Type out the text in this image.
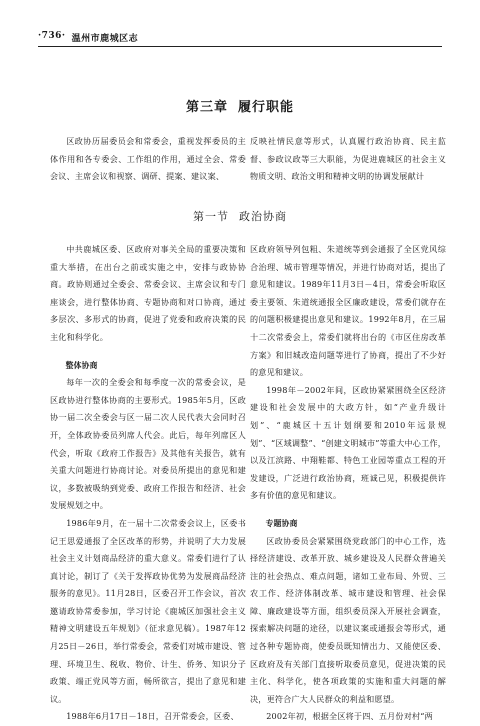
·736· 温州市鹿城区志
第三章 履行职能

区政协历届委员会和常委会，重视发挥委员的主体作用和各专委会、工作组的作用，通过全会、常委会议、主席会议和视察、调研、提案、建议案、

反映社情民意等形式，认真履行政治协商、民主监督、参政议政等三大职能，为促进鹿城区的社会主义物质文明、政治文明和精神文明的协调发展献计

第一节 政治协商

中共鹿城区委、区政府对事关全局的重要决策和重大举措，在出台之前或实施之中，安排与政协协商。政协则通过全委会、常委会议、主席会议和专门座谈会，进行整体协商、专题协商和对口协商，通过多层次、多形式的协商，促进了党委和政府决策的民主化和科学化。

整体协商

每年一次的全委会和每季度一次的常委会议，是区政协进行整体协商的主要形式。1985年5月，区政协一届二次全委会与区一届二次人民代表大会同时召开，全体政协委员列席人代会。此后，每年列席区人代会，听取《政府工作报告》及其他有关报告，就有关重大问题进行协商讨论。对委员所提出的意见和建议，多数被吸纳到党委、政府工作报告和经济、社会发展规划之中。

1986年9月，在一届十二次常委会议上，区委书记王思爱通报了全区改革的形势，并说明了大力发展社会主义计划商品经济的重大意义。常委们进行了认真讨论，制订了《关于发挥政协优势为发展商品经济服务的意见》。11月28日，区委召开工作会议，首次邀请政协常委参加，学习讨论《鹿城区加强社会主义精神文明建设五年规划》（征求意见稿）。1987年12月25日－26日，举行常委会，常委们对城市建设、管理、环境卫生、税收、物价、计生、侨务、知识分子政策、端正党风等方面，畅所欲言，提出了意见和建议。

1988年6月17日－18日，召开常委会，区委、

区政府领导列包粗、朱道统等到会通报了全区党风综合治理、城市管理等情况，并进行协商对话，提出了意见和建议。1989年11月3日－4日，常委会听取区委主要领、朱道统通报全区廉政建设，常委们就存在的问题积极建提出意见和建议。1992年8月，在三届十二次常委会上，常委们就将出台的《市区住房改革方案》和旧城改造问题等进行了协商，提出了不少好的意见和建议。

1998年－2002年间，区政协紧紧围绕全区经济建设和社会发展中的大政方针，如“产业升级计划”、“鹿城区十五计划纲要和2010年远景规划”、“区域调整”、“创建文明城市”等重大中心工作，以及江滨路、中翔鞋都、特色工业园等重点工程的开发建设，广泛进行政治协商，班诚己见，积极提供许多有价值的意见和建议。

专题协商

区政协委员会紧紧围绕党政部门的中心工作，选择经济建设、改革开放、城乡建设及人民群众普遍关注的社会热点、难点问题，诸如工业布局、外贸、三农工作、经济体制改革、城市建设和管理、社会保障、廉政建设等方面，组织委员深入开展社会调查，探索解决问题的途径，以建议案或通报会等形式，通过各种专题协商，使委员既知情出力、又能使区委、区政府及有关部门直接听取委员意见，促进决策的民主化、科学化，使各项政策的实施和重大问题的解决，更符合广大人民群众的利益和愿望。

2002年初，根据全区将于四、五月份对村“两
